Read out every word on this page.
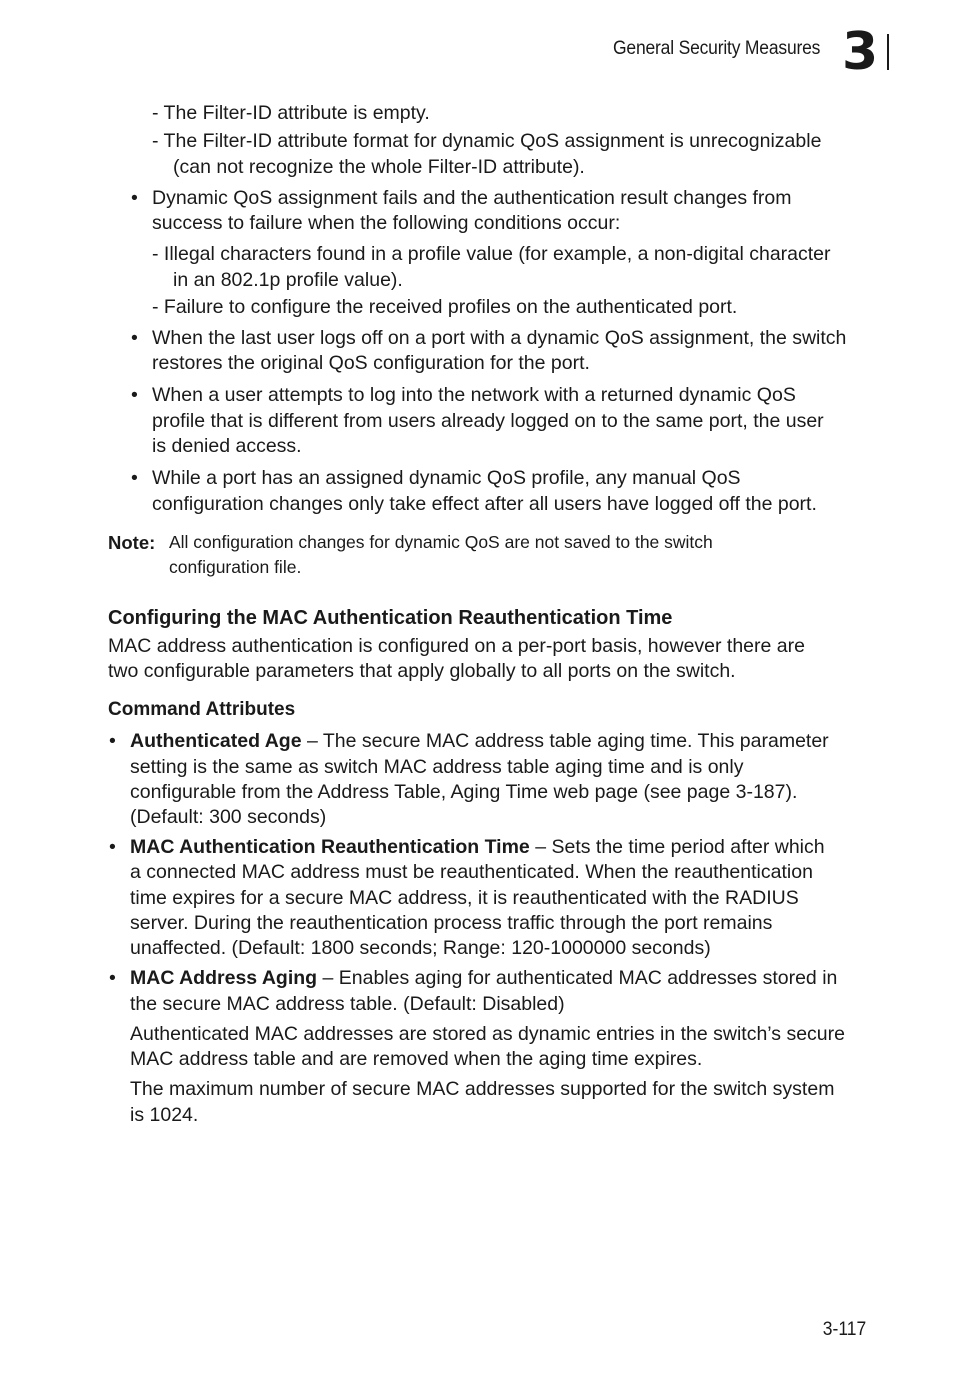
General Security Measures 3
- The Filter-ID attribute is empty.
- The Filter-ID attribute format for dynamic QoS assignment is unrecognizable
(can not recognize the whole Filter-ID attribute).
• Dynamic QoS assignment fails and the authentication result changes from
success to failure when the following conditions occur:
- Illegal characters found in a profile value (for example, a non-digital character
in an 802.1p profile value).
- Failure to configure the received profiles on the authenticated port.
• When the last user logs off on a port with a dynamic QoS assignment, the switch
restores the original QoS configuration for the port.
• When a user attempts to log into the network with a returned dynamic QoS
profile that is different from users already logged on to the same port, the user
is denied access.
• While a port has an assigned dynamic QoS profile, any manual QoS
configuration changes only take effect after all users have logged off the port.
Note: All configuration changes for dynamic QoS are not saved to the switch
configuration file.
Configuring the MAC Authentication Reauthentication Time
MAC address authentication is configured on a per-port basis, however there are
two configurable parameters that apply globally to all ports on the switch.
Command Attributes
• Authenticated Age – The secure MAC address table aging time. This parameter
setting is the same as switch MAC address table aging time and is only
configurable from the Address Table, Aging Time web page (see page 3-187).
(Default: 300 seconds)
• MAC Authentication Reauthentication Time – Sets the time period after which
a connected MAC address must be reauthenticated. When the reauthentication
time expires for a secure MAC address, it is reauthenticated with the RADIUS
server. During the reauthentication process traffic through the port remains
unaffected. (Default: 1800 seconds; Range: 120-1000000 seconds)
• MAC Address Aging – Enables aging for authenticated MAC addresses stored in
the secure MAC address table. (Default: Disabled)
Authenticated MAC addresses are stored as dynamic entries in the switch’s secure
MAC address table and are removed when the aging time expires.
The maximum number of secure MAC addresses supported for the switch system
is 1024.
3-117
